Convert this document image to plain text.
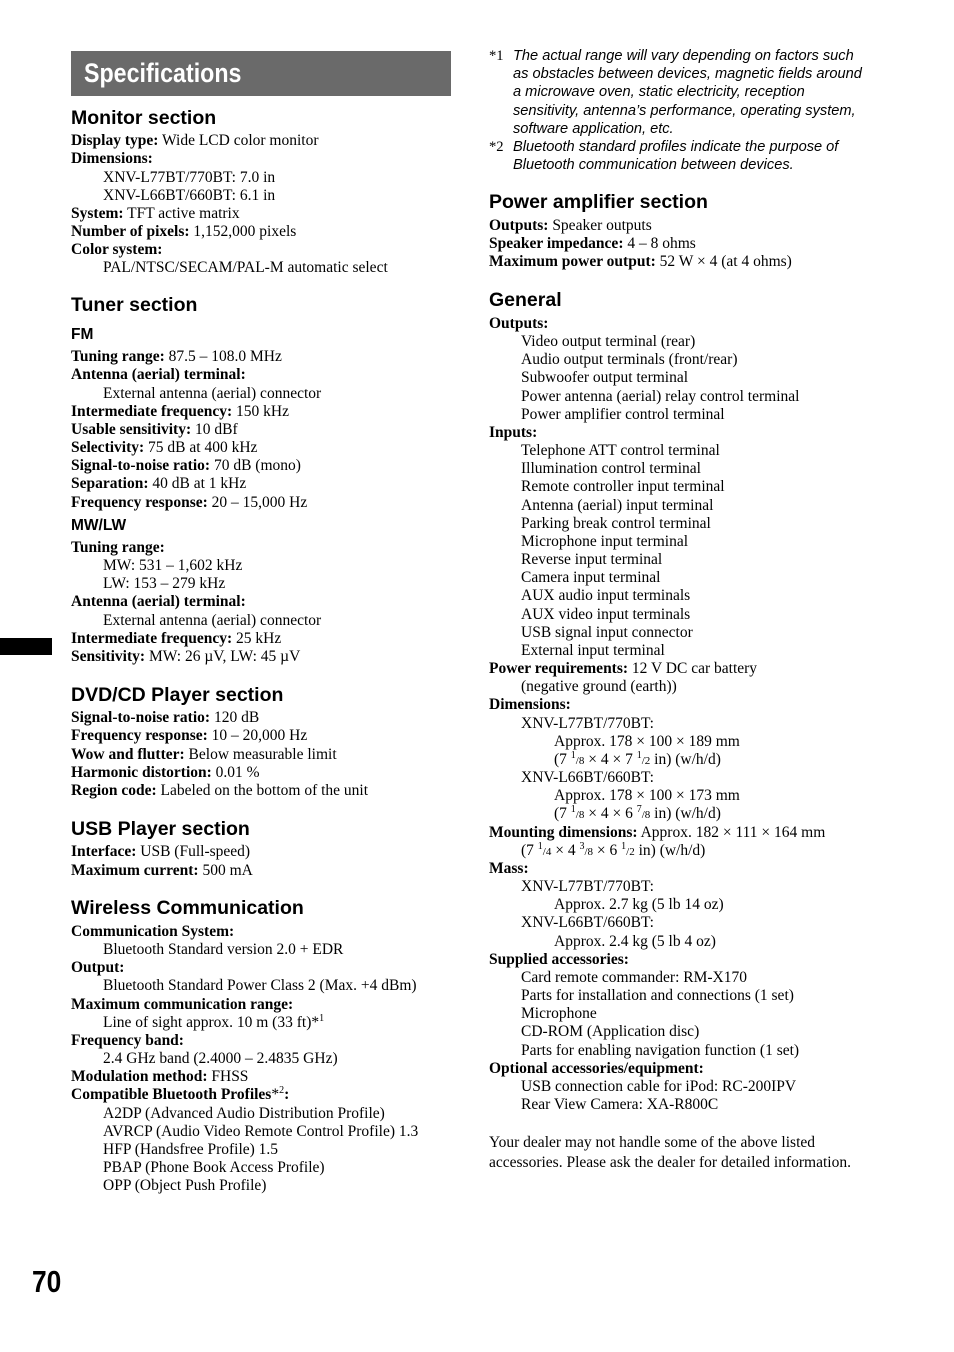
Specifications
Monitor section
Display type: Wide LCD color monitor
Dimensions:
XNV-L77BT/770BT: 7.0 in
XNV-L66BT/660BT: 6.1 in
System: TFT active matrix
Number of pixels: 1,152,000 pixels
Color system:
PAL/NTSC/SECAM/PAL-M automatic select
Tuner section
FM
Tuning range: 87.5 – 108.0 MHz
Antenna (aerial) terminal:
External antenna (aerial) connector
Intermediate frequency: 150 kHz
Usable sensitivity: 10 dBf
Selectivity: 75 dB at 400 kHz
Signal-to-noise ratio: 70 dB (mono)
Separation: 40 dB at 1 kHz
Frequency response: 20 – 15,000 Hz
MW/LW
Tuning range:
MW: 531 – 1,602 kHz
LW: 153 – 279 kHz
Antenna (aerial) terminal:
External antenna (aerial) connector
Intermediate frequency: 25 kHz
Sensitivity: MW: 26 µV, LW: 45 µV
DVD/CD Player section
Signal-to-noise ratio: 120 dB
Frequency response: 10 – 20,000 Hz
Wow and flutter: Below measurable limit
Harmonic distortion: 0.01 %
Region code: Labeled on the bottom of the unit
USB Player section
Interface: USB (Full-speed)
Maximum current: 500 mA
Wireless Communication
Communication System:
Bluetooth Standard version 2.0 + EDR
Output:
Bluetooth Standard Power Class 2 (Max. +4 dBm)
Maximum communication range:
Line of sight approx. 10 m (33 ft)*$^1$
Frequency band:
2.4 GHz band (2.4000 – 2.4835 GHz)
Modulation method: FHSS
Compatible Bluetooth Profiles*$^2$:
A2DP (Advanced Audio Distribution Profile)
AVRCP (Audio Video Remote Control Profile) 1.3
HFP (Handsfree Profile) 1.5
PBAP (Phone Book Access Profile)
OPP (Object Push Profile)
*1 The actual range will vary depending on factors such as obstacles between devices, magnetic fields around a microwave oven, static electricity, reception sensitivity, antenna’s performance, operating system, software application, etc.
*2 Bluetooth standard profiles indicate the purpose of Bluetooth communication between devices.
Power amplifier section
Outputs: Speaker outputs
Speaker impedance: 4 – 8 ohms
Maximum power output: 52 W × 4 (at 4 ohms)
General
Outputs:
Video output terminal (rear)
Audio output terminals (front/rear)
Subwoofer output terminal
Power antenna (aerial) relay control terminal
Power amplifier control terminal
Inputs:
Telephone ATT control terminal
Illumination control terminal
Remote controller input terminal
Antenna (aerial) input terminal
Parking break control terminal
Microphone input terminal
Reverse input terminal
Camera input terminal
AUX audio input terminals
AUX video input terminals
USB signal input connector
External input terminal
Power requirements: 12 V DC car battery
(negative ground (earth))
Dimensions:
XNV-L77BT/770BT:
Approx. 178 × 100 × 189 mm
(7 $^1$/8 × 4 × 7 $^1$/2 in) (w/h/d)
XNV-L66BT/660BT:
Approx. 178 × 100 × 173 mm
(7 $^1$/8 × 4 × 6 $^7$/8 in) (w/h/d)
Mounting dimensions: Approx. 182 × 111 × 164 mm
(7 $^1$/4 × 4 $^3$/8 × 6 $^1$/2 in) (w/h/d)
Mass:
XNV-L77BT/770BT:
Approx. 2.7 kg (5 lb 14 oz)
XNV-L66BT/660BT:
Approx. 2.4 kg (5 lb 4 oz)
Supplied accessories:
Card remote commander: RM-X170
Parts for installation and connections (1 set)
Microphone
CD-ROM (Application disc)
Parts for enabling navigation function (1 set)
Optional accessories/equipment:
USB connection cable for iPod: RC-200IPV
Rear View Camera: XA-R800C
Your dealer may not handle some of the above listed accessories. Please ask the dealer for detailed information.
70
